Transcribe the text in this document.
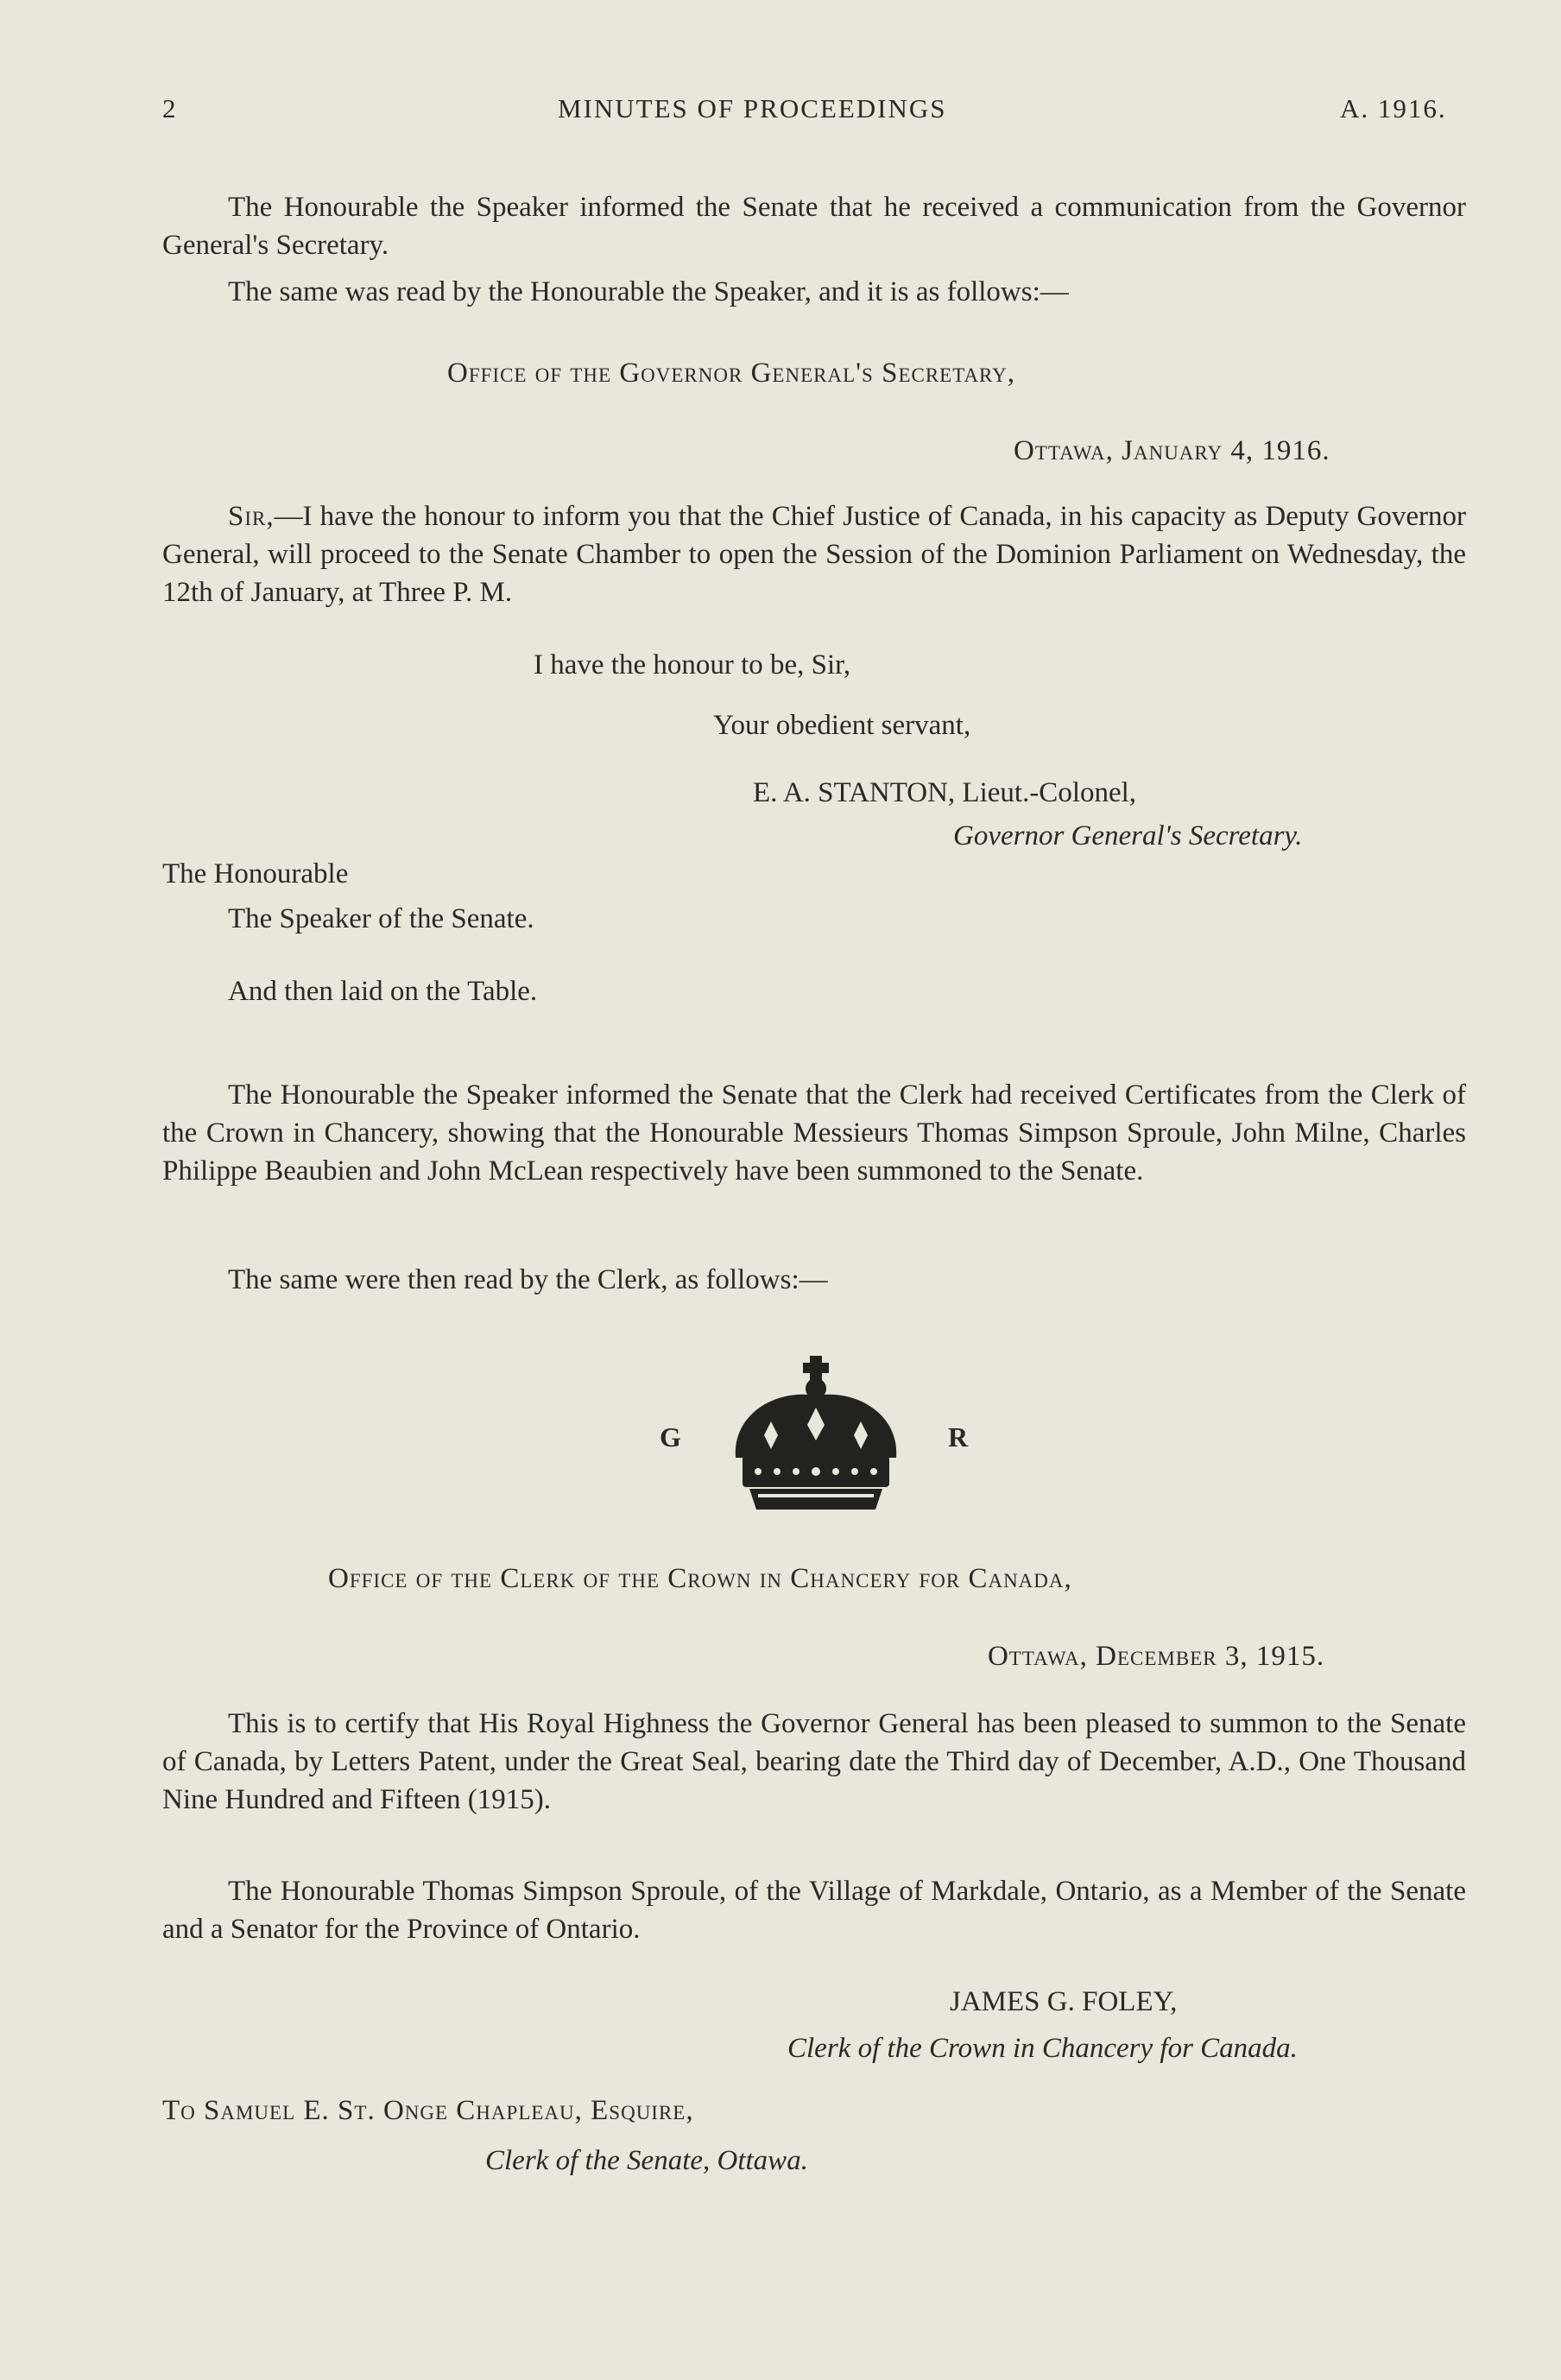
2	MINUTES OF PROCEEDINGS	A. 1916.

The Honourable the Speaker informed the Senate that he received a communication from the Governor General's Secretary.

The same was read by the Honourable the Speaker, and it is as follows:—

Office of the Governor General's Secretary,
Ottawa, January 4, 1916.

Sir,—I have the honour to inform you that the Chief Justice of Canada, in his capacity as Deputy Governor General, will proceed to the Senate Chamber to open the Session of the Dominion Parliament on Wednesday, the 12th of January, at Three P. M.

I have the honour to be, Sir,
Your obedient servant,
E. A. STANTON, Lieut.-Colonel,
Governor General's Secretary.
The Honourable
The Speaker of the Senate.
And then laid on the Table.

The Honourable the Speaker informed the Senate that the Clerk had received Certificates from the Clerk of the Crown in Chancery, showing that the Honourable Messieurs Thomas Simpson Sproule, John Milne, Charles Philippe Beaubien and John McLean respectively have been summoned to the Senate.

The same were then read by the Clerk, as follows:—

G	R
Office of the Clerk of the Crown in Chancery for Canada,
Ottawa, December 3, 1915.

This is to certify that His Royal Highness the Governor General has been pleased to summon to the Senate of Canada, by Letters Patent, under the Great Seal, bearing date the Third day of December, A.D., One Thousand Nine Hundred and Fifteen (1915).

The Honourable Thomas Simpson Sproule, of the Village of Markdale, Ontario, as a Member of the Senate and a Senator for the Province of Ontario.

JAMES G. FOLEY,
Clerk of the Crown in Chancery for Canada.
To Samuel E. St. Onge Chapleau, Esquire,
Clerk of the Senate, Ottawa.
